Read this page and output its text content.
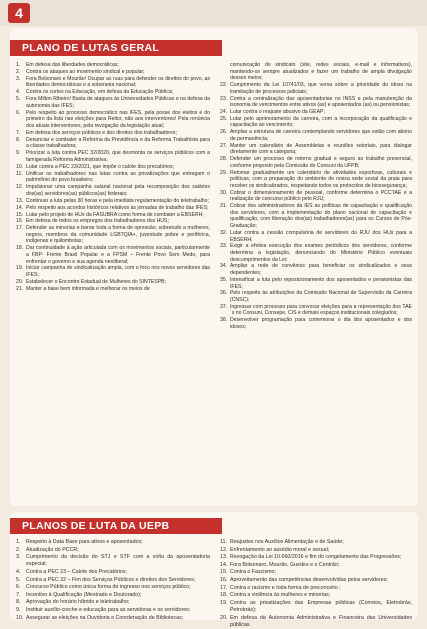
4
PLANO DE LUTAS GERAL
1.	Em defesa das liberdades democráticas;
2.	Contra os ataques ao movimento sindical e popular;
3.	Fora Bolsonaro e Mourão! Ocupar as ruas para defender os direitos do povo, as liberdades democráticas e a soberania nacional;
4.	Contra os cortes na Educação, em defesa da Educação Pública;
5.	Fora Milton Ribeiro! Basta de ataques às Universidades Públicas e na defesa da autonomia das IFES;
6.	Pelo respeito ao processo democrático nas IFES, pela posse dos eleitos e do primeiro da lista nas eleições para Reitor, não aos interventores! Pela renúncia dos atuais interventores, pela revogação da legislação atual;
7.	Em defesa dos serviços públicos e dos direitos dos trabalhadores;
8.	Denunciar e combater a Reforma da Previdência e da Reforma Trabalhista para a classe trabalhadora;
9.	Priorizar a luta contra PEC 32/2020, que desmonta os serviços públicos com a famigerada Reforma Administrativa;
10. Lutar contra a PEC 23/2021, que impõe o calote dos precatórios;
11. Unificar os trabalhadores nas lutas contra as privatizações que entregam o patrimônio do povo brasileiro;
12. Impulsionar uma campanha salarial nacional pela recomposição dos salários dos(as) servidores(as) públicos(as) federais;
13. Continuar a luta pelas 30 horas e pela imediata regulamentação do teletrabalho;
14. Pelo respeito aos acordos históricos relativos às jornadas de trabalho das IFES;
15. Lutar pelo projeto de HUs da FASUBRA como forma de combater a EBSERH;
16. Em defesa de todos os empregos dos trabalhadores dos HUS;
17. Defender as minorias e barrar toda a forma de opressão, sobretudo a mulheres, negros, membros da comunidade LGBTQIA+, juventude pobre e periférica, indígenas e quilombolas;
18. Dar continuidade à ação articulada com os movimentos sociais, particularmente a FBP- Frente Brasil Popular e a FPSM – Frente Povo Sem Medo, para enfrentar o governo e sua agenda neoliberal;
19. Iniciar campanha de sindicalização ampla, com o foco nos novos servidores das IFES;
20. Estabelecer o Encontro Estadual de Mulheres do SINTESPB;
21. Manter a base bem informada e melhorar os meios de
comunicação do sindicato (site, redes sociais, e-mail e informativos), mantendo-os sempre atualizados e fazer um trabalho de ampla divulgação desses meios;
22. Cumprimento da Lei 10741/03, que versa sobre a prioridade do idoso na tramitação de processos judiciais;
23. Contra a centralização das aposentadorias no INSS e pela manutenção da isonomia de vencimentos entre ativos (as) e aposentados (as) ou pensionistas;
24. Lutar contra o reajuste abusivo da GEAP;
25. Lutar pelo aprimoramento da carreira, com a incorporação da qualificação e capacitação ao vencimento;
26. Ampliar a estrutura de carreira contemplando servidores que estão com abono de permanência;
27. Manter um calendário de Assembleias e reuniões setoriais, para dialogar diretamente com a categoria;
28. Defender um processo de retorno gradual e seguro ao trabalho presencial, conforme proposto pela Comissão do Consuni da UFPB;
29. Retomar gradualmente um calendário de atividades esportivas, culturais e políticas, com a preparação do ambiente de nossa sede social da praia para receber os sindicalizados, respeitando todos os protocolos de biossegurança;
30. Cobrar o dimensionamento de pessoal, conforme determina o PCCTAE e a realização de concurso público pelo RJU;
31. Cobrar dos administradores da IES as políticas de capacitação e qualificação dos servidores, com a implementação do plano nacional de capacitação e qualificação, com liberação dos(as) trabalhadores(as) para os Cursos de Pós-Graduação;
32. Lutar contra a cessão compulsória de servidores do RJU dos HUs para a EBSERH;
33. Exigir a efetiva execução dos exames periódicos dos servidores, conforme determina a legislação, denunciando do Ministério Público eventuais descumprimentos da Lei;
34. Ampliar a rede de convênios para beneficiar os sindicalizados e seus dependentes;
35. Intensificar a luta pelo reposicionamento dos aposentados e pensionistas das IFES;
36. Pelo respeito às atribuições da Comissão Nacional de Supervisão da Carreira (CNSC);
37. Ingressar com processo para convocar eleições para a representação dos TAE´s no Consuni, Consepe, CIS e demais espaços institucionais colegiados;
38. Desenvolver programação para comemorar o dia dos aposentados e dos idosos;
PLANOS DE LUTA DA UEPB
1.	Respeito à Data Base para ativos e aposentados;
2.	Atualização do PCCR;
3.	Cumprimento da decisão do STJ e STF com a volta da aposentadoria especial;
4.	Contra a PEC 23 – Calote dos Precatórios;
5.	Contra a PEC 32 – Fim dos Serviços Públicos e direitos dos Servidores;
6.	Concurso Público como única forma de ingresso nos serviços público;
7.	Incentivo à Qualificação (Mestrado e Doutorado);
8.	Aprovação do horário híbrido e teletrabalho;
9.	Instituir auxílio-creche e educação para as servidoras e os servidores;
10. Assegurar as eleições na Ouvidoria e Coordenação de Bibliotecas;
11. Reajustes nos Auxílios Alimentação e de Saúde;
12. Enfrentamento ao assédio moral e sexual;
13. Revogação da Lei 10.660/2016 e fim do congelamento das Progressões;
14. Fora Bolsonaro, Mourão, Guedes e o Centrão;
15. Contra o Fascismo;
16. Aproveitamento das competências desenvolvidas pelos servidores;
17. Contra o racismo e toda forma de preconceito ;
18. Contra a violência às mulheres e minorias;
19. Contra as privatizações das Empresas públicas (Correios, Eletrobrás, Petrobrás);
20. Em defesa da Autonomia Administrativa e Financeira das Universidades públicas.
